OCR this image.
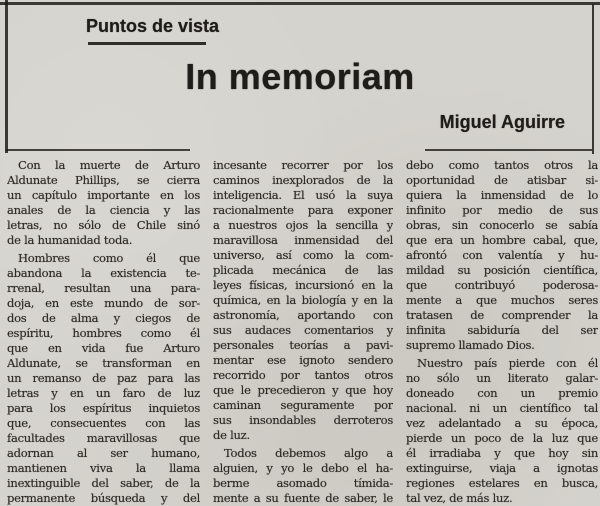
Puntos de vista
In memoriam
Miguel Aguirre
Con la muerte de Arturo
Aldunate Phillips, se cierra
un capítulo importante en los
anales de la ciencia y las
letras, no sólo de Chile sinó
de la humanidad toda.
Hombres como él que
abandona la existencia te-
rrenal, resultan una para-
doja, en este mundo de sor-
dos de alma y ciegos de
espíritu, hombres como él
que en vida fue Arturo
Aldunate, se transforman en
un remanso de paz para las
letras y en un faro de luz
para los espíritus inquietos
que, consecuentes con las
facultades maravillosas que
adornan al ser humano,
mantienen viva la llama
inextinguible del saber, de la
permanente búsqueda y del
incesante recorrer por los
caminos inexplorados de la
inteligencia. El usó la suya
racionalmente para exponer
a nuestros ojos la sencilla y
maravillosa inmensidad del
universo, así como la com-
plicada mecánica de las
leyes físicas, incursionó en la
química, en la biología y en la
astronomía, aportando con
sus audaces comentarios y
personales teorías a pavi-
mentar ese ignoto sendero
recorrido por tantos otros
que le precedieron y que hoy
caminan seguramente por
sus insondables derroteros
de luz.
Todos debemos algo a
alguien, y yo le debo el ha-
berme asomado tímida-
mente a su fuente de saber, le
debo como tantos otros la
oportunidad de atisbar si-
quiera la inmensidad de lo
infinito por medio de sus
obras, sin conocerlo se sabía
que era un hombre cabal, que,
afrontó con valentía y hu-
mildad su posición científica,
que contribuyó poderosa-
mente a que muchos seres
tratasen de comprender la
infinita sabiduría del ser
supremo llamado Dios.
Nuestro país pierde con él
no sólo un literato galar-
doneado con un premio
nacional. ni un científico tal
vez adelantado a su época,
pierde un poco de la luz que
él irradiaba y que hoy sin
extinguirse, viaja a ignotas
regiones estelares en busca,
tal vez, de más luz.
